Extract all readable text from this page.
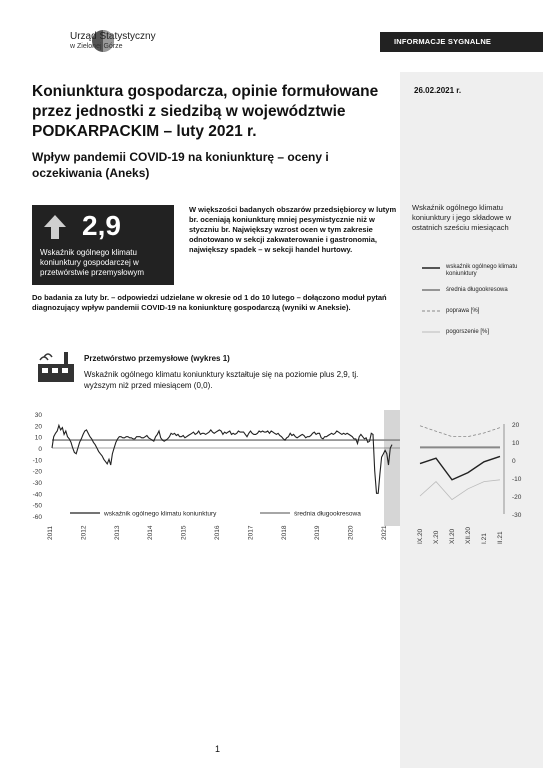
Urząd Statystyczny
w Zielonej Górze
INFORMACJE SYGNALNE
26.02.2021 r.
Koniunktura gospodarcza, opinie formułowane przez jednostki z siedzibą w województwie PODKARPACKIM – luty 2021 r.
Wpływ pandemii COVID-19 na koniunkturę – oceny i oczekiwania (Aneks)
2,9
Wskaźnik ogólnego klimatu koniunktury gospodarczej w przetwórstwie przemysłowym
W większości badanych obszarów przedsiębiorcy w lutym br. oceniają koniunkturę mniej pesymistycznie niż w styczniu br. Największy wzrost ocen w tym zakresie odnotowano w sekcji zakwaterowanie i gastronomia, największy spadek – w sekcji handel hurtowy.
Do badania za luty br. – odpowiedzi udzielane w okresie od 1 do 10 lutego – dołączono moduł pytań diagnozujący wpływ pandemii COVID-19 na koniunkturę gospodarczą (wyniki w Aneksie).
Przetwórstwo przemysłowe (wykres 1)
Wskaźnik ogólnego klimatu koniunktury kształtuje się na poziomie plus 2,9, tj. wyższym niż przed miesiącem (0,0).
Wskaźnik ogólnego klimatu koniunktury i jego składowe w ostatnich sześciu miesiącach
wskaźnik ogólnego klimatu koniunktury
średnia długookresowa
poprawa [%]
pogorszenie [%]
30
20
10
0
-10
-20
-30
-40
-50
-60	wskaźnik ogólnego klimatu koniunktury	średnia długookresowa
2011	2012	2013	2014	2015	2016	2017	2018	2019	2020	2021
20
10
0
-10
-20
-30
IX.20 X.20 XI.20 XII.20 I.21 II.21
1
